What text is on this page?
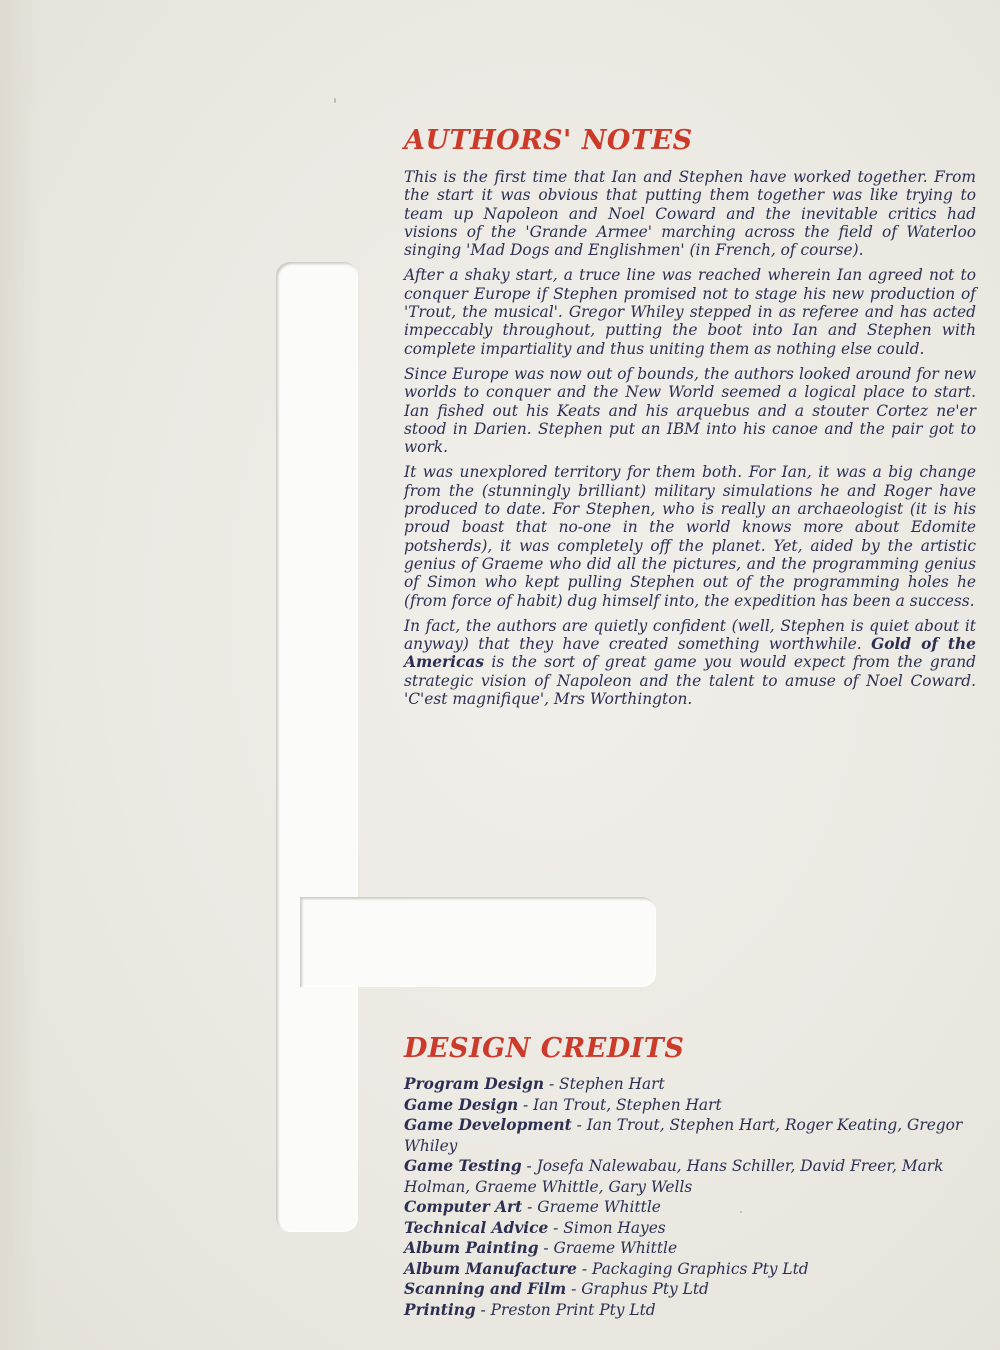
AUTHORS' NOTES

This is the first time that Ian and Stephen have worked together. From the start it was obvious that putting them together was like trying to team up Napoleon and Noel Coward and the inevitable critics had visions of the 'Grande Armee' marching across the field of Waterloo singing 'Mad Dogs and Englishmen' (in French, of course).

After a shaky start, a truce line was reached wherein Ian agreed not to conquer Europe if Stephen promised not to stage his new production of 'Trout, the musical'. Gregor Whiley stepped in as referee and has acted impeccably throughout, putting the boot into Ian and Stephen with complete impartiality and thus uniting them as nothing else could.

Since Europe was now out of bounds, the authors looked around for new worlds to conquer and the New World seemed a logical place to start. Ian fished out his Keats and his arquebus and a stouter Cortez ne'er stood in Darien. Stephen put an IBM into his canoe and the pair got to work.

It was unexplored territory for them both. For Ian, it was a big change from the (stunningly brilliant) military simulations he and Roger have produced to date. For Stephen, who is really an archaeologist (it is his proud boast that no-one in the world knows more about Edomite potsherds), it was completely off the planet. Yet, aided by the artistic genius of Graeme who did all the pictures, and the programming genius of Simon who kept pulling Stephen out of the programming holes he (from force of habit) dug himself into, the expedition has been a success.

In fact, the authors are quietly confident (well, Stephen is quiet about it anyway) that they have created something worthwhile. Gold of the Americas is the sort of great game you would expect from the grand strategic vision of Napoleon and the talent to amuse of Noel Coward. 'C'est magnifique', Mrs Worthington.

DESIGN CREDITS
Program Design - Stephen Hart
Game Design - Ian Trout, Stephen Hart
Game Development - Ian Trout, Stephen Hart, Roger Keating, Gregor Whiley
Game Testing - Josefa Nalewabau, Hans Schiller, David Freer, Mark Holman, Graeme Whittle, Gary Wells
Computer Art - Graeme Whittle
Technical Advice - Simon Hayes
Album Painting - Graeme Whittle
Album Manufacture - Packaging Graphics Pty Ltd
Scanning and Film - Graphus Pty Ltd
Printing - Preston Print Pty Ltd
